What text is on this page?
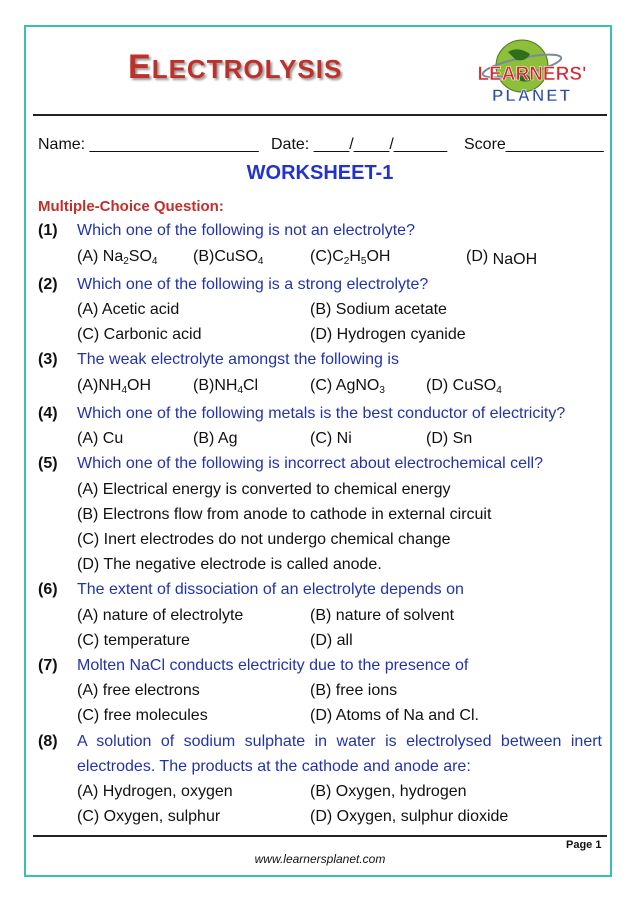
ELECTROLYSIS	LEARNERS'
PLANET
Name: ___________________ Date: ____/____/______ Score___________
WORKSHEET-1
Multiple-Choice Question:
(1) Which one of the following is not an electrolyte?
(A) $Na_2SO_4$ (B)CuSO$_4$	$(C)C_2H_5OH$	(D) NaOH
(2) Which one of the following is a strong electrolyte?
(A) Acetic acid	(B) Sodium acetate
(C) Carbonic acid	(D) Hydrogen cyanide
(3) The weak electrolyte amongst the following is
$(A)NH_4OH$	$(B)NH_4Cl$	(C) AgNO$_3$	(D) CuSO$_4$
(4) Which one of the following metals is the best conductor of electricity?
(A) Cu	(B) Ag	(C) Ni	(D) Sn
(5) Which one of the following is incorrect about electrochemical cell?
(A) Electrical energy is converted to chemical energy
(B) Electrons flow from anode to cathode in external circuit
(C) Inert electrodes do not undergo chemical change
(D) The negative electrode is called anode.
(6) The extent of dissociation of an electrolyte depends on
(A) nature of electrolyte	(B) nature of solvent
(C) temperature	(D) all
(7) Molten NaCl conducts electricity due to the presence of
(A) free electrons	(B) free ions
(C) free molecules	(D) Atoms of Na and Cl.
(8) A solution of sodium sulphate in water is electrolysed between inert
electrodes. The products at the cathode and anode are:
(A) Hydrogen, oxygen	(B) Oxygen, hydrogen
(C) Oxygen, sulphur	(D) Oxygen, sulphur dioxide
Page 1
www.learnersplanet.com
